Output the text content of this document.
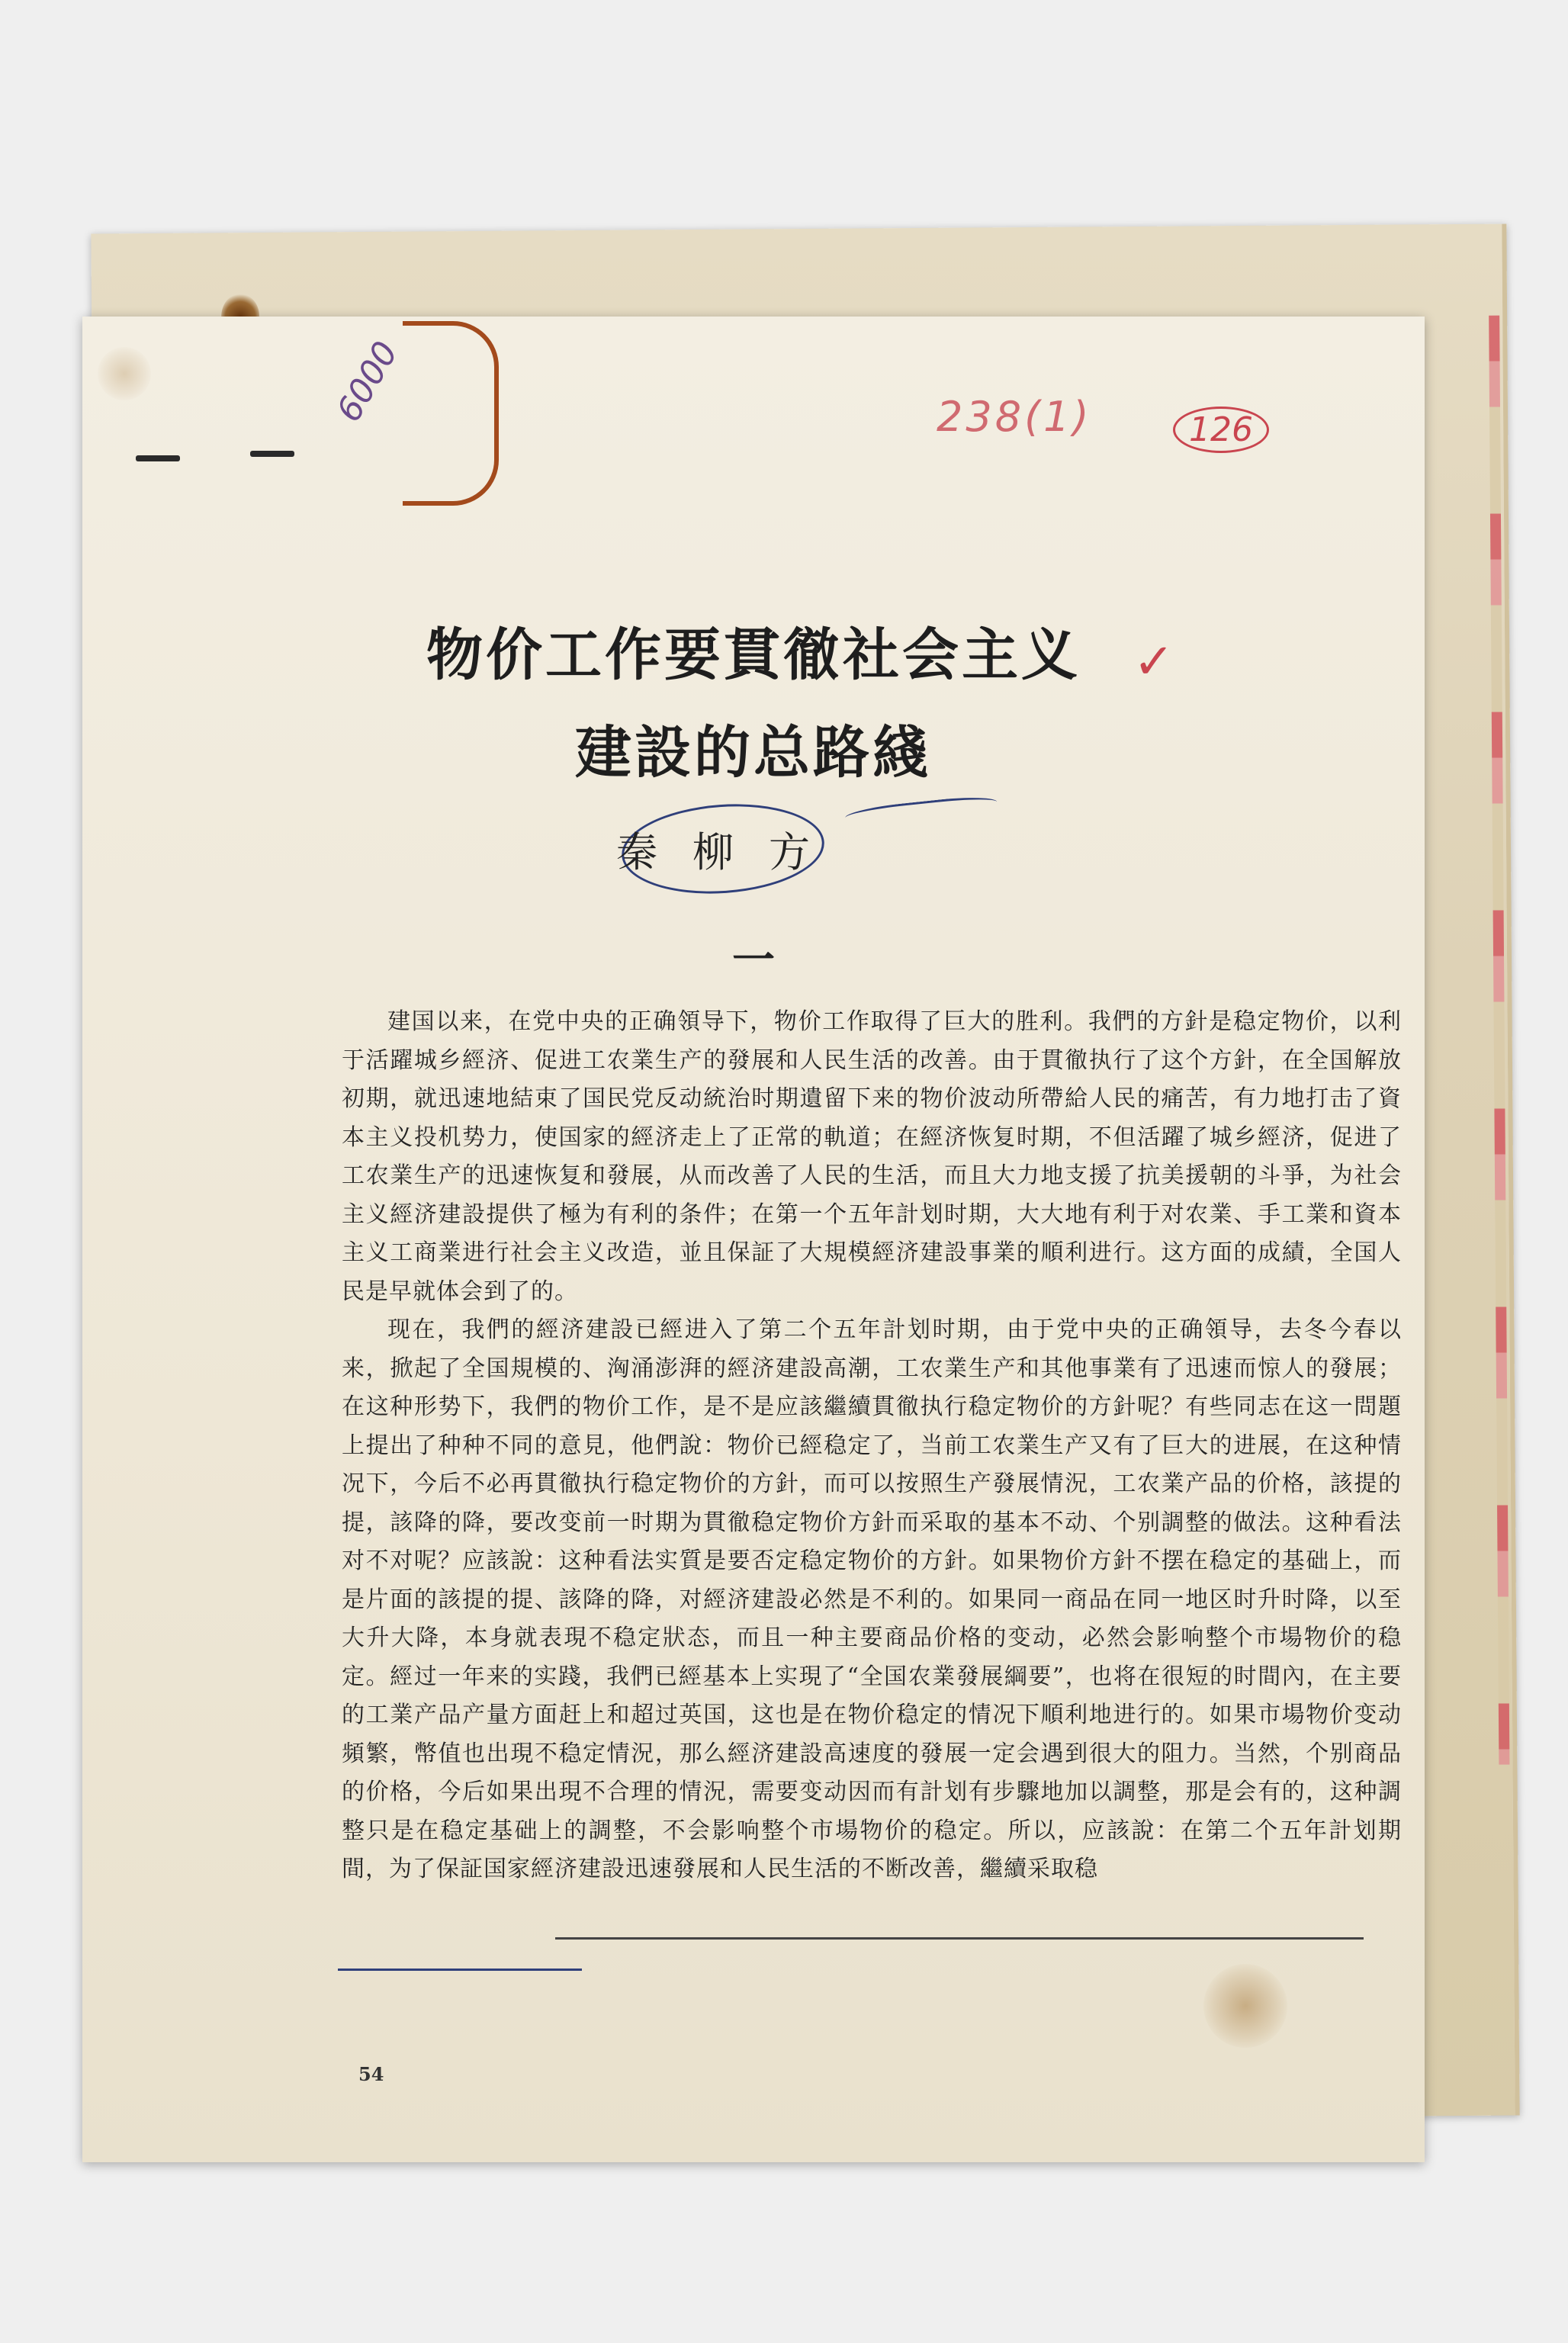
6000	238(1)	126
物价工作要貫徹社会主义
建設的总路綫
✓
秦柳方
一

建国以来，在党中央的正确領导下，物价工作取得了巨大的胜利。我們的方針是稳定物价，以利于活躍城乡經济、促进工农業生产的發展和人民生活的改善。由于貫徹执行了这个方針，在全国解放初期，就迅速地結束了国民党反动統治时期遺留下来的物价波动所帶給人民的痛苦，有力地打击了資本主义投机势力，使国家的經济走上了正常的軌道；在經济恢复时期，不但活躍了城乡經济，促进了工农業生产的迅速恢复和發展，从而改善了人民的生活，而且大力地支援了抗美援朝的斗爭，为社会主义經济建設提供了極为有利的条件；在第一个五年計划时期，大大地有利于对农業、手工業和資本主义工商業进行社会主义改造，並且保証了大規模經济建設事業的順利进行。这方面的成績，全国人民是早就体会到了的。

现在，我們的經济建設已經进入了第二个五年計划时期，由于党中央的正确領导，去冬今春以来，掀起了全国規模的、洶涌澎湃的經济建設高潮，工农業生产和其他事業有了迅速而惊人的發展；在这种形势下，我們的物价工作，是不是应該繼續貫徹执行稳定物价的方針呢？有些同志在这一問題上提出了种种不同的意見，他們說：物价已經稳定了，当前工农業生产又有了巨大的进展，在这种情况下，今后不必再貫徹执行稳定物价的方針，而可以按照生产發展情況，工农業产品的价格，該提的提，該降的降，要改变前一时期为貫徹稳定物价方針而采取的基本不动、个别調整的做法。这种看法对不对呢？应該說：这种看法实質是要否定稳定物价的方針。如果物价方針不摆在稳定的基础上，而是片面的該提的提、該降的降，对經济建設必然是不利的。如果同一商品在同一地区时升时降，以至大升大降，本身就表現不稳定狀态，而且一种主要商品价格的变动，必然会影响整个市場物价的稳定。經过一年来的实踐，我們已經基本上实現了“全国农業發展綱要”，也将在很短的时間內，在主要的工業产品产量方面赶上和超过英国，这也是在物价稳定的情况下順利地进行的。如果市場物价变动頻繁，幣值也出現不稳定情況，那么經济建設高速度的發展一定会遇到很大的阻力。当然，个别商品的价格，今后如果出現不合理的情況，需要变动因而有計划有步驟地加以調整，那是会有的，这种調整只是在稳定基础上的調整，不会影响整个市場物价的稳定。所以，应該說：在第二个五年計划期間，为了保証国家經济建設迅速發展和人民生活的不断改善，繼續采取稳

54
